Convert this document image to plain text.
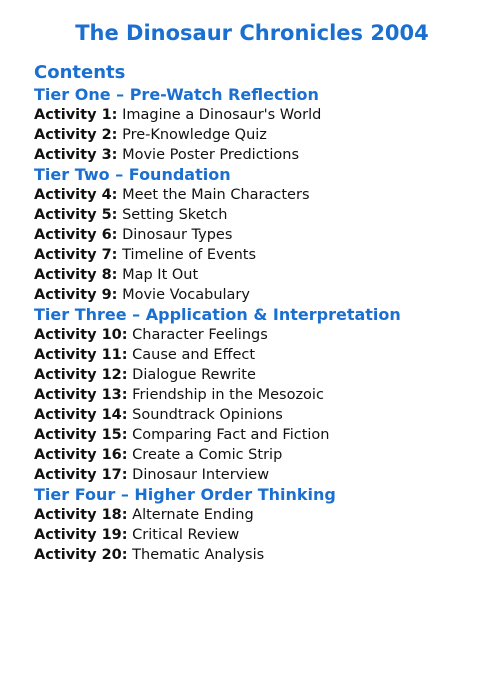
The Dinosaur Chronicles 2004
Contents
Tier One – Pre-Watch Reflection
Activity 1: Imagine a Dinosaur's World
Activity 2: Pre-Knowledge Quiz
Activity 3: Movie Poster Predictions
Tier Two – Foundation
Activity 4: Meet the Main Characters
Activity 5: Setting Sketch
Activity 6: Dinosaur Types
Activity 7: Timeline of Events
Activity 8: Map It Out
Activity 9: Movie Vocabulary
Tier Three – Application & Interpretation
Activity 10: Character Feelings
Activity 11: Cause and Effect
Activity 12: Dialogue Rewrite
Activity 13: Friendship in the Mesozoic
Activity 14: Soundtrack Opinions
Activity 15: Comparing Fact and Fiction
Activity 16: Create a Comic Strip
Activity 17: Dinosaur Interview
Tier Four – Higher Order Thinking
Activity 18: Alternate Ending
Activity 19: Critical Review
Activity 20: Thematic Analysis
